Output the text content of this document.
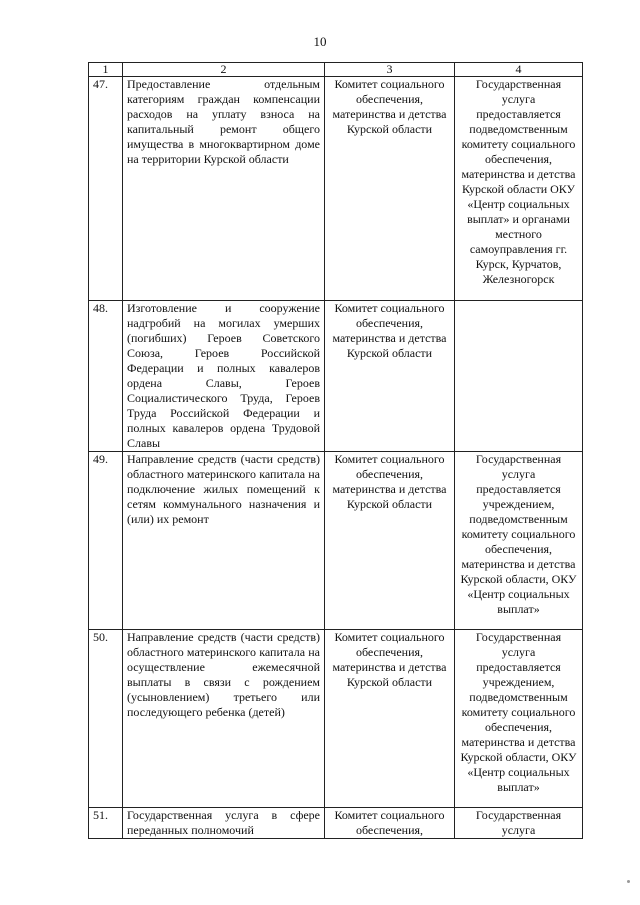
10
1	2	3	4
47.	Предоставление отдельным категориям граждан компенсации расходов на уплату взноса на капитальный ремонт общего имущества в многоквартирном доме на территории Курской области	Комитет социального обеспечения, материнства и детства Курской области	Государственная услуга предоставляется подведомственным комитету социального обеспечения, материнства и детства Курской области ОКУ «Центр социальных выплат» и органами местного самоуправления гг. Курск, Курчатов, Железногорск
48.	Изготовление и сооружение надгробий на могилах умерших (погибших) Героев Советского Союза, Героев Российской Федерации и полных кавалеров ордена Славы, Героев Социалистического Труда, Героев Труда Российской Федерации и полных кавалеров ордена Трудовой Славы	Комитет социального обеспечения, материнства и детства Курской области	
49.	Направление средств (части средств) областного материнского капитала на подключение жилых помещений к сетям коммунального назначения и (или) их ремонт	Комитет социального обеспечения, материнства и детства Курской области	Государственная услуга предоставляется учреждением, подведомственным комитету социального обеспечения, материнства и детства Курской области, ОКУ «Центр социальных выплат»
50.	Направление средств (части средств) областного материнского капитала на осуществление ежемесячной выплаты в связи с рождением (усыновлением) третьего или последующего ребенка (детей)	Комитет социального обеспечения, материнства и детства Курской области	Государственная услуга предоставляется учреждением, подведомственным комитету социального обеспечения, материнства и детства Курской области, ОКУ «Центр социальных выплат»
51.	Государственная услуга в сфере переданных полномочий	Комитет социального обеспечения,	Государственная услуга
